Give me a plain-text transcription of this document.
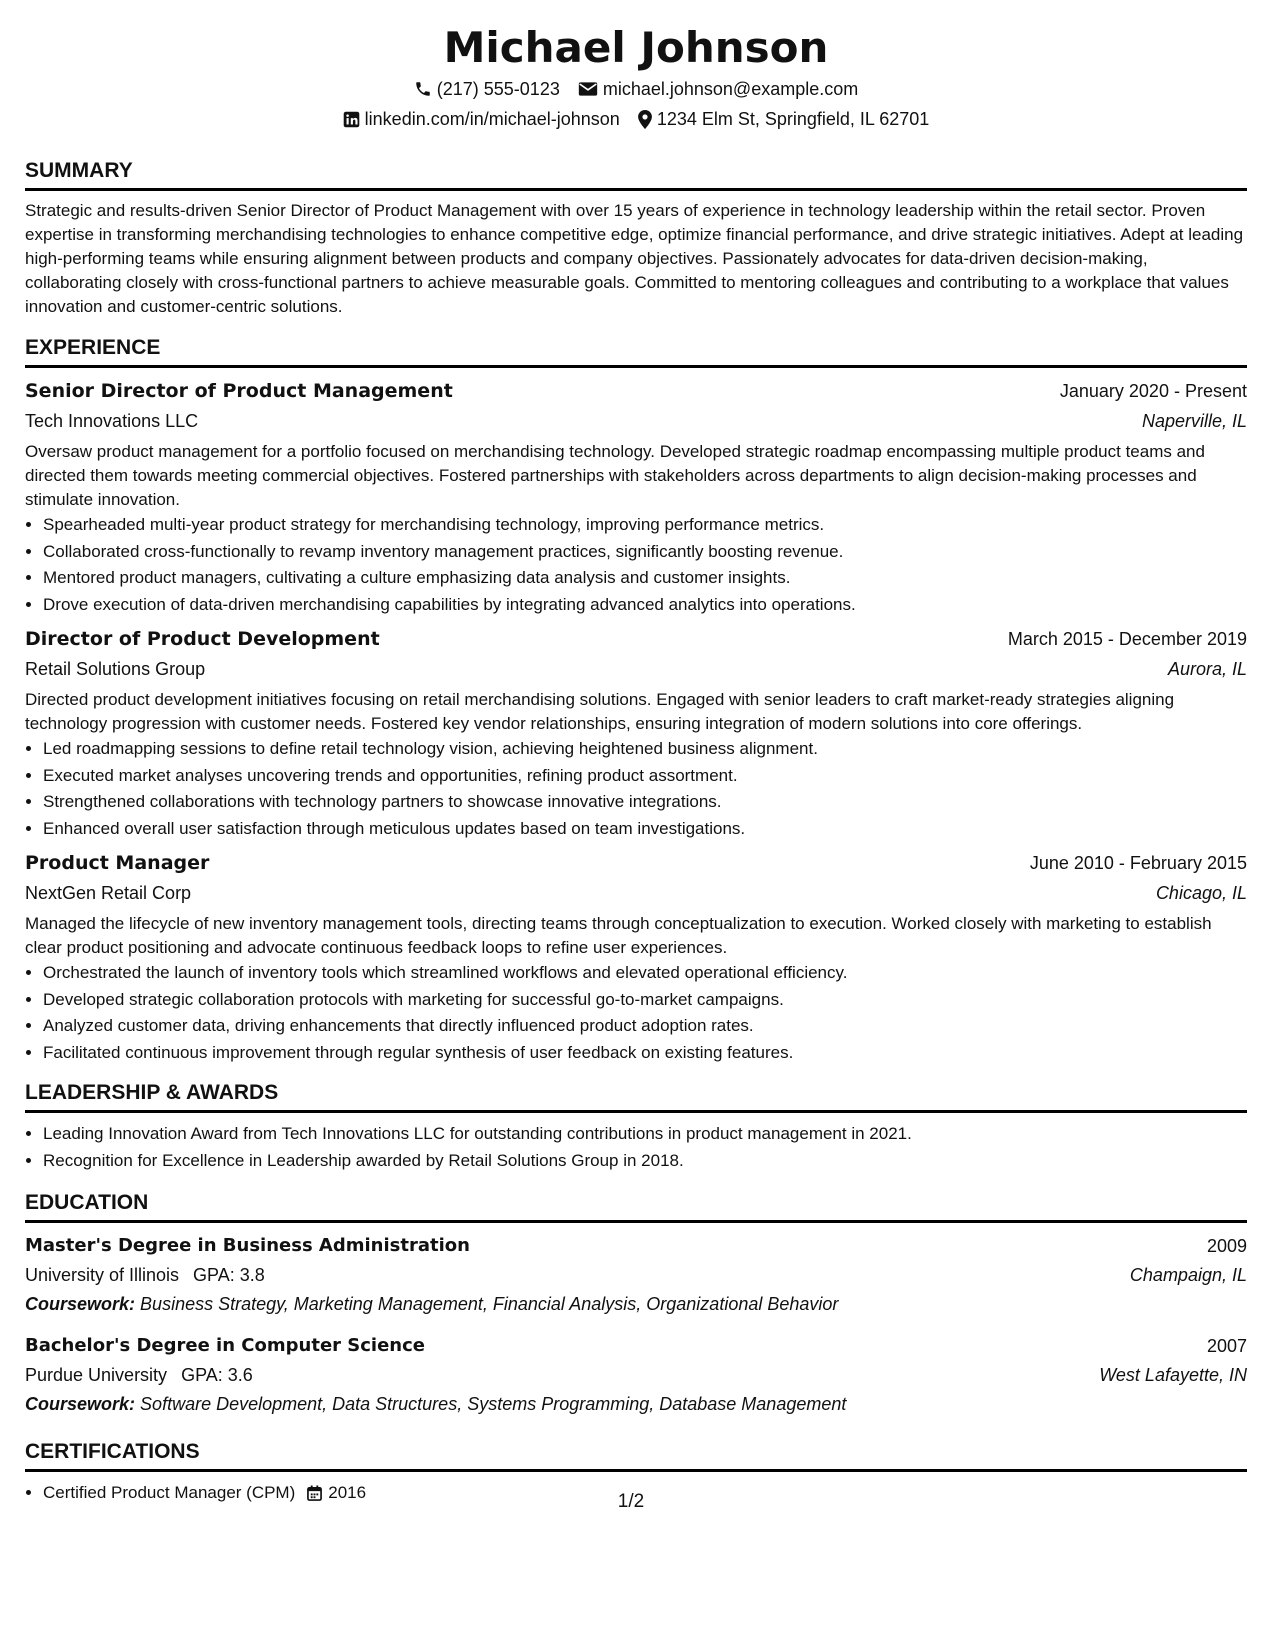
Michael Johnson
(217) 555-0123 michael.johnson@example.com
linkedin.com/in/michael-johnson 1234 Elm St, Springfield, IL 62701
SUMMARY

Strategic and results-driven Senior Director of Product Management with over 15 years of experience in technology leadership within the retail sector. Proven expertise in transforming merchandising technologies to enhance competitive edge, optimize financial performance, and drive strategic initiatives. Adept at leading high-performing teams while ensuring alignment between products and company objectives. Passionately advocates for data-driven decision-making, collaborating closely with cross-functional partners to achieve measurable goals. Committed to mentoring colleagues and contributing to a workplace that values innovation and customer-centric solutions.

EXPERIENCE
Senior Director of Product Management	January 2020 - Present
Tech Innovations LLC	Naperville, IL

Oversaw product management for a portfolio focused on merchandising technology. Developed strategic roadmap encompassing multiple product teams and directed them towards meeting commercial objectives. Fostered partnerships with stakeholders across departments to align decision-making processes and stimulate innovation.

• Spearheaded multi-year product strategy for merchandising technology, improving performance metrics.
• Collaborated cross-functionally to revamp inventory management practices, significantly boosting revenue.
• Mentored product managers, cultivating a culture emphasizing data analysis and customer insights.
• Drove execution of data-driven merchandising capabilities by integrating advanced analytics into operations.
Director of Product Development	March 2015 - December 2019
Retail Solutions Group	Aurora, IL

Directed product development initiatives focusing on retail merchandising solutions. Engaged with senior leaders to craft market-ready strategies aligning technology progression with customer needs. Fostered key vendor relationships, ensuring integration of modern solutions into core offerings.

• Led roadmapping sessions to define retail technology vision, achieving heightened business alignment.
• Executed market analyses uncovering trends and opportunities, refining product assortment.
• Strengthened collaborations with technology partners to showcase innovative integrations.
• Enhanced overall user satisfaction through meticulous updates based on team investigations.
Product Manager	June 2010 - February 2015
NextGen Retail Corp	Chicago, IL

Managed the lifecycle of new inventory management tools, directing teams through conceptualization to execution. Worked closely with marketing to establish clear product positioning and advocate continuous feedback loops to refine user experiences.

• Orchestrated the launch of inventory tools which streamlined workflows and elevated operational efficiency.
• Developed strategic collaboration protocols with marketing for successful go-to-market campaigns.
• Analyzed customer data, driving enhancements that directly influenced product adoption rates.
• Facilitated continuous improvement through regular synthesis of user feedback on existing features.
LEADERSHIP & AWARDS
• Leading Innovation Award from Tech Innovations LLC for outstanding contributions in product management in 2021.
• Recognition for Excellence in Leadership awarded by Retail Solutions Group in 2018.
EDUCATION
Master's Degree in Business Administration	2009
University of Illinois GPA: 3.8	Champaign, IL
Coursework: Business Strategy, Marketing Management, Financial Analysis, Organizational Behavior
Bachelor's Degree in Computer Science	2007
Purdue University GPA: 3.6	West Lafayette, IN
Coursework: Software Development, Data Structures, Systems Programming, Database Management
CERTIFICATIONS
• Certified Product Manager (CPM) 2016	1/2
